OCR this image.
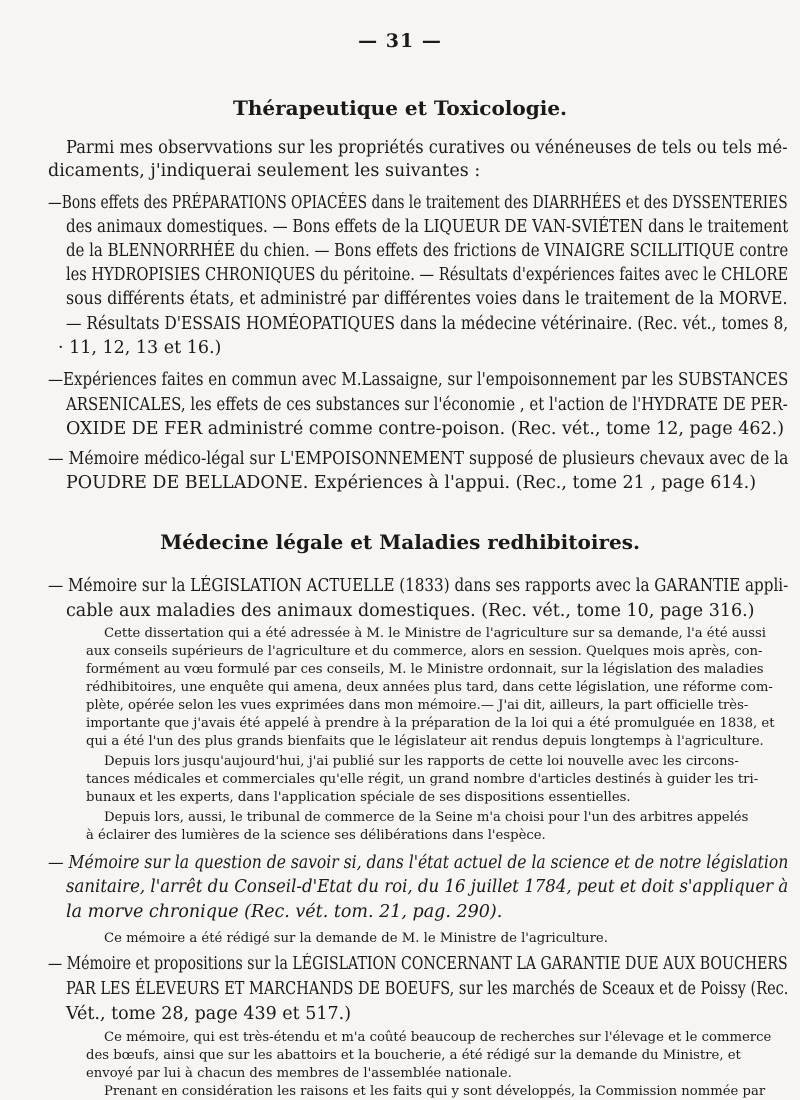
— 31 —
Thérapeutique et Toxicologie.
Parmi mes observvations sur les propriétés curatives ou vénéneuses de tels ou tels mé-
dicaments, j'indiquerai seulement les suivantes :
—Bons effets des PRÉPARATIONS OPIACÉES dans le traitement des DIARRHÉES et des DYSSENTERIES
des animaux domestiques. — Bons effets de la LIQUEUR DE VAN-SVIÉTEN dans le traitement
de la BLENNORRHÉE du chien. — Bons effets des frictions de VINAIGRE SCILLITIQUE contre
les HYDROPISIES CHRONIQUES du péritoine. — Résultats d'expériences faites avec le CHLORE
sous différents états, et administré par différentes voies dans le traitement de la MORVE.
— Résultats D'ESSAIS HOMÉOPATIQUES dans la médecine vétérinaire. (Rec. vét., tomes 8,
· 11, 12, 13 et 16.)
—Expériences faites en commun avec M.Lassaigne, sur l'empoisonnement par les SUBSTANCES
ARSENICALES, les effets de ces substances sur l'économie , et l'action de l'HYDRATE DE PER-
OXIDE DE FER administré comme contre-poison. (Rec. vét., tome 12, page 462.)
— Mémoire médico-légal sur L'EMPOISONNEMENT supposé de plusieurs chevaux avec de la
POUDRE DE BELLADONE. Expériences à l'appui. (Rec., tome 21 , page 614.)
Médecine légale et Maladies redhibitoires.
— Mémoire sur la LÉGISLATION ACTUELLE (1833) dans ses rapports avec la GARANTIE appli-
cable aux maladies des animaux domestiques. (Rec. vét., tome 10, page 316.)
Cette dissertation qui a été adressée à M. le Ministre de l'agriculture sur sa demande, l'a été aussi
aux conseils supérieurs de l'agriculture et du commerce, alors en session. Quelques mois après, con-
formément au vœu formulé par ces conseils, M. le Ministre ordonnait, sur la législation des maladies
rédhibitoires, une enquête qui amena, deux années plus tard, dans cette législation, une réforme com-
plète, opérée selon les vues exprimées dans mon mémoire.— J'ai dit, ailleurs, la part officielle très-
importante que j'avais été appelé à prendre à la préparation de la loi qui a été promulguée en 1838, et
qui a été l'un des plus grands bienfaits que le législateur ait rendus depuis longtemps à l'agriculture.
Depuis lors jusqu'aujourd'hui, j'ai publié sur les rapports de cette loi nouvelle avec les circons-
tances médicales et commerciales qu'elle régit, un grand nombre d'articles destinés à guider les tri-
bunaux et les experts, dans l'application spéciale de ses dispositions essentielles.
Depuis lors, aussi, le tribunal de commerce de la Seine m'a choisi pour l'un des arbitres appelés
à éclairer des lumières de la science ses délibérations dans l'espèce.
— Mémoire sur la question de savoir si, dans l'état actuel de la science et de notre législation
sanitaire, l'arrêt du Conseil-d'Etat du roi, du 16 juillet 1784, peut et doit s'appliquer à
la morve chronique (Rec. vét. tom. 21, pag. 290).
Ce mémoire a été rédigé sur la demande de M. le Ministre de l'agriculture.
— Mémoire et propositions sur la LÉGISLATION CONCERNANT LA GARANTIE DUE AUX BOUCHERS
PAR LES ÉLEVEURS ET MARCHANDS DE BOEUFS, sur les marchés de Sceaux et de Poissy (Rec.
Vét., tome 28, page 439 et 517.)
Ce mémoire, qui est très-étendu et m'a coûté beaucoup de recherches sur l'élevage et le commerce
des bœufs, ainsi que sur les abattoirs et la boucherie, a été rédigé sur la demande du Ministre, et
envoyé par lui à chacun des membres de l'assemblée nationale.
Prenant en considération les raisons et les faits qui y sont développés, la Commission nommée par
